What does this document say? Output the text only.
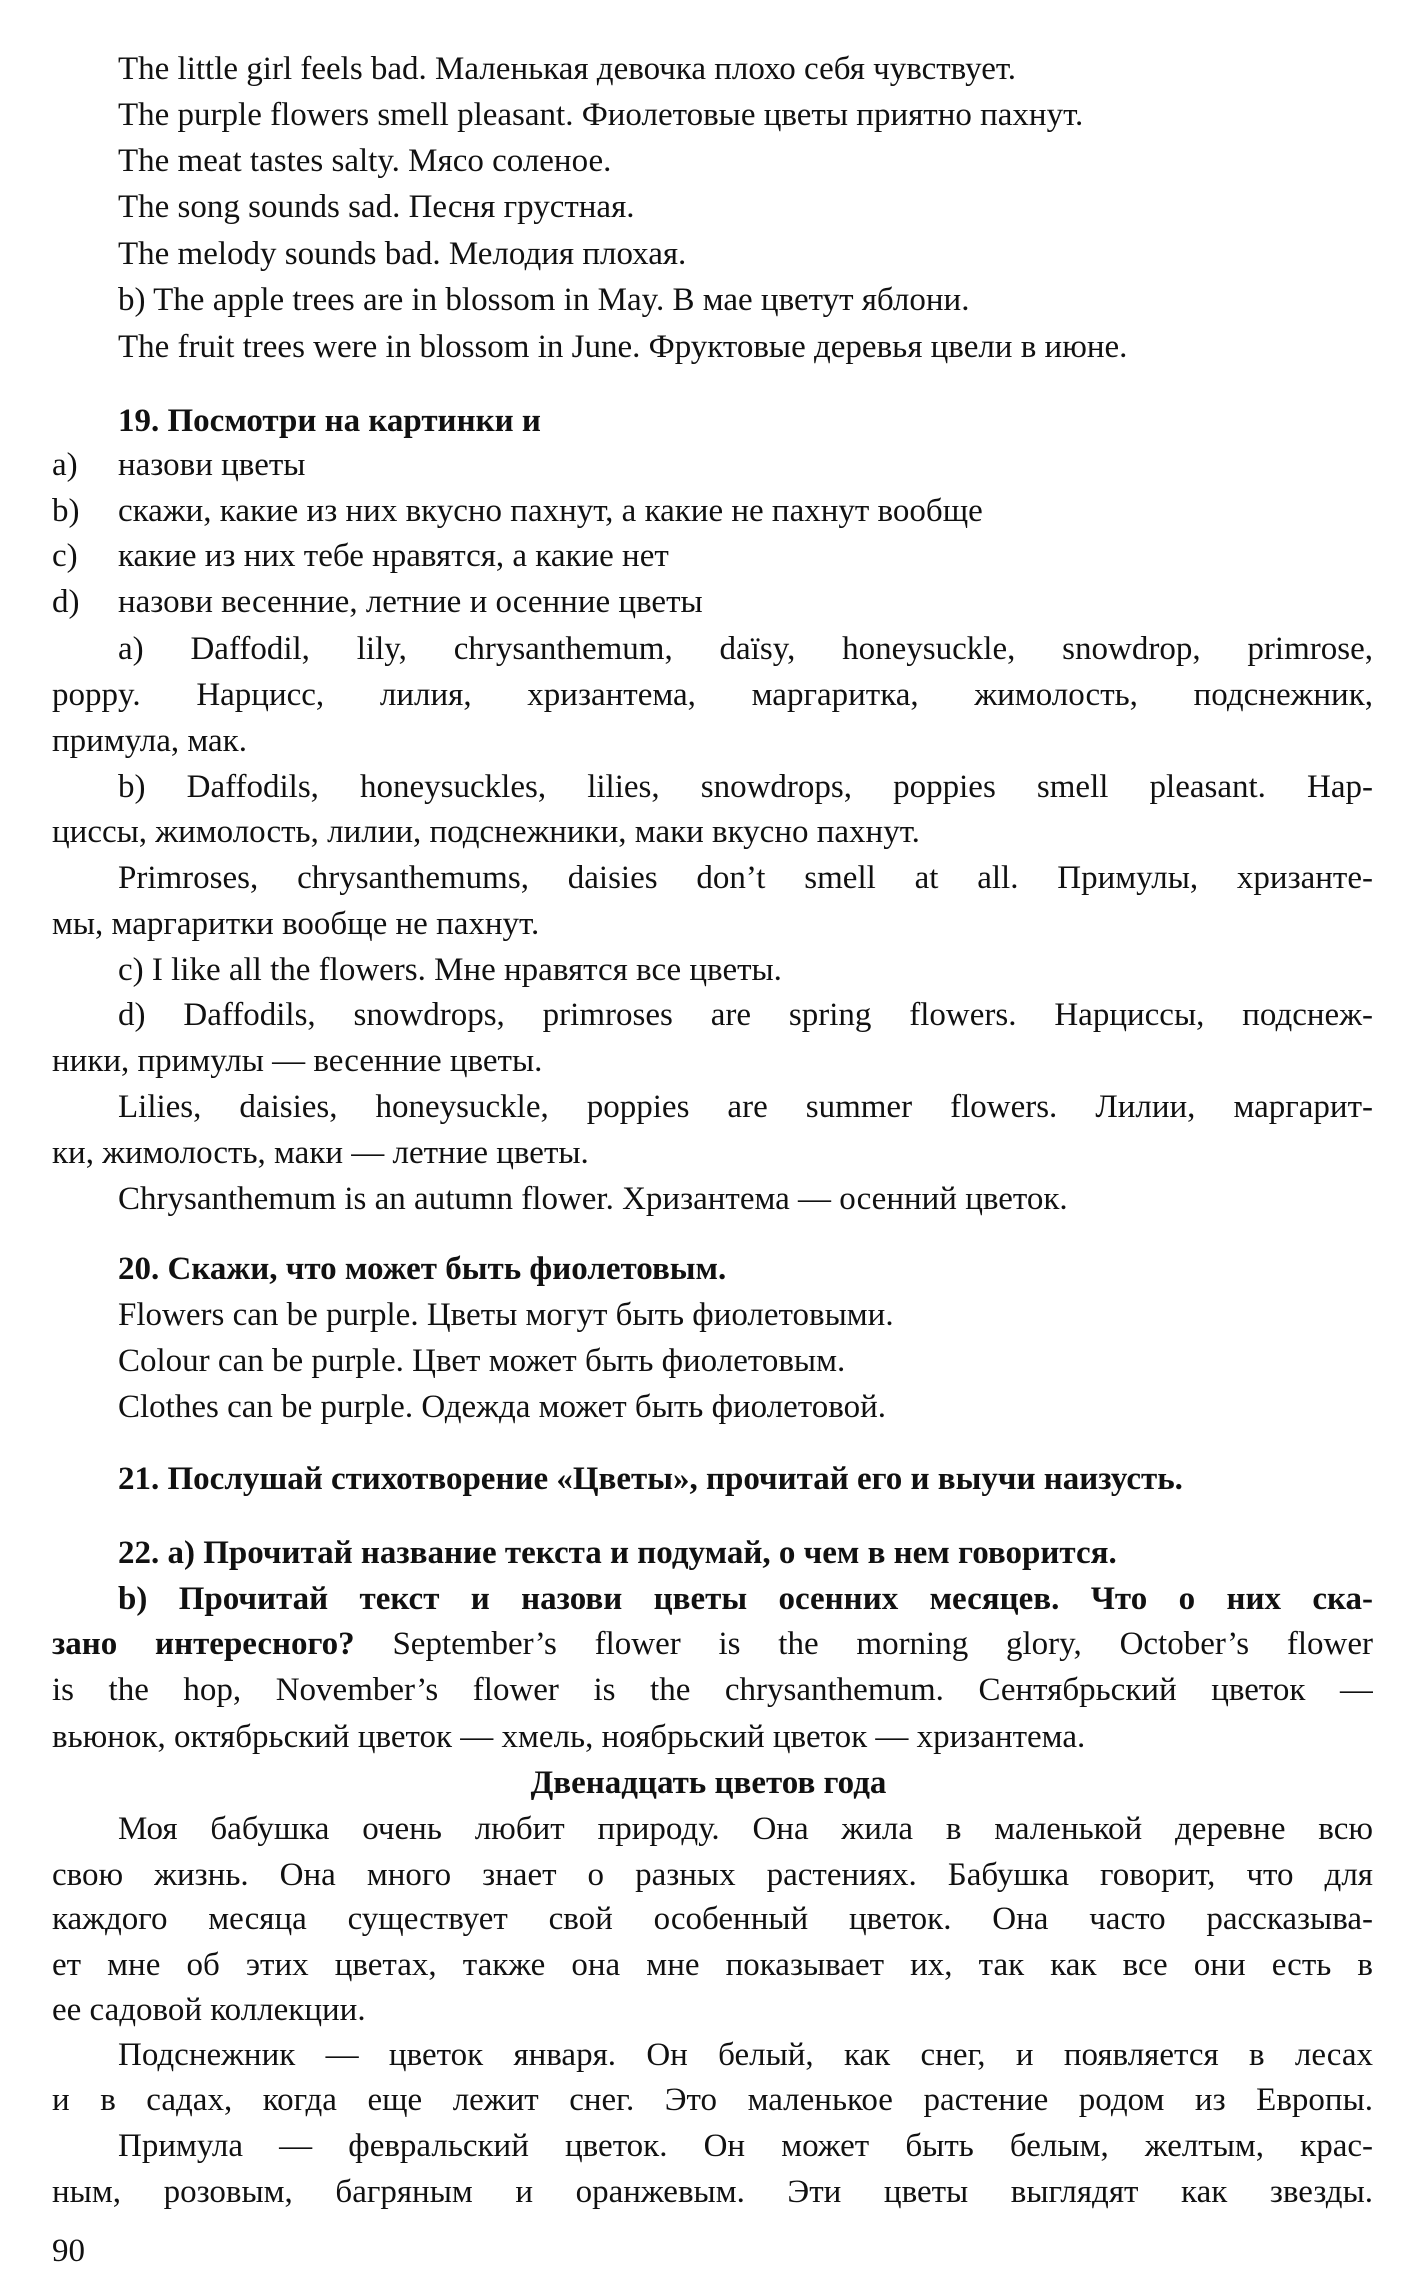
The little girl feels bad. Маленькая девочка плохо себя чувствует.
The purple flowers smell pleasant. Фиолетовые цветы приятно пахнут.
The meat tastes salty. Мясо соленое.
The song sounds sad. Песня грустная.
The melody sounds bad. Мелодия плохая.
b) The apple trees are in blossom in May. В мае цветут яблони.
The fruit trees were in blossom in June. Фруктовые деревья цвели в июне.
19. Посмотри на картинки и
a) назови цветы
b) скажи, какие из них вкусно пахнут, а какие не пахнут вообще
c) какие из них тебе нравятся, а какие нет
d) назови весенние, летние и осенние цветы
a) Daffodil, lily, chrysanthemum, daïsy, honeysuckle, snowdrop, primrose,
poppy. Нарцисс, лилия, хризантема, маргаритка, жимолость, подснежник,
примула, мак.
b) Daffodils, honeysuckles, lilies, snowdrops, poppies smell pleasant. Нар-
циссы, жимолость, лилии, подснежники, маки вкусно пахнут.
Primroses, chrysanthemums, daisies don’t smell at all. Примулы, хризанте-
мы, маргаритки вообще не пахнут.
c) I like all the flowers. Мне нравятся все цветы.
d) Daffodils, snowdrops, primroses are spring flowers. Нарциссы, подснеж-
ники, примулы — весенние цветы.
Lilies, daisies, honeysuckle, poppies are summer flowers. Лилии, маргарит-
ки, жимолость, маки — летние цветы.
Chrysanthemum is an autumn flower. Хризантема — осенний цветок.
20. Скажи, что может быть фиолетовым.
Flowers can be purple. Цветы могут быть фиолетовыми.
Colour can be purple. Цвет может быть фиолетовым.
Clothes can be purple. Одежда может быть фиолетовой.
21. Послушай стихотворение «Цветы», прочитай его и выучи наизусть.
22. a) Прочитай название текста и подумай, о чем в нем говорится.
b) Прочитай текст и назови цветы осенних месяцев. Что о них ска-
зано интересного? September’s flower is the morning glory, October’s flower
is the hop, November’s flower is the chrysanthemum. Сентябрьский цветок —
вьюнок, октябрьский цветок — хмель, ноябрьский цветок — хризантема.
Двенадцать цветов года
Моя бабушка очень любит природу. Она жила в маленькой деревне всю
свою жизнь. Она много знает о разных растениях. Бабушка говорит, что для
каждого месяца существует свой особенный цветок. Она часто рассказыва-
ет мне об этих цветах, также она мне показывает их, так как все они есть в
ее садовой коллекции.
Подснежник — цветок января. Он белый, как снег, и появляется в лесах
и в садах, когда еще лежит снег. Это маленькое растение родом из Европы.
Примула — февральский цветок. Он может быть белым, желтым, крас-
ным, розовым, багряным и оранжевым. Эти цветы выглядят как звезды.
90
